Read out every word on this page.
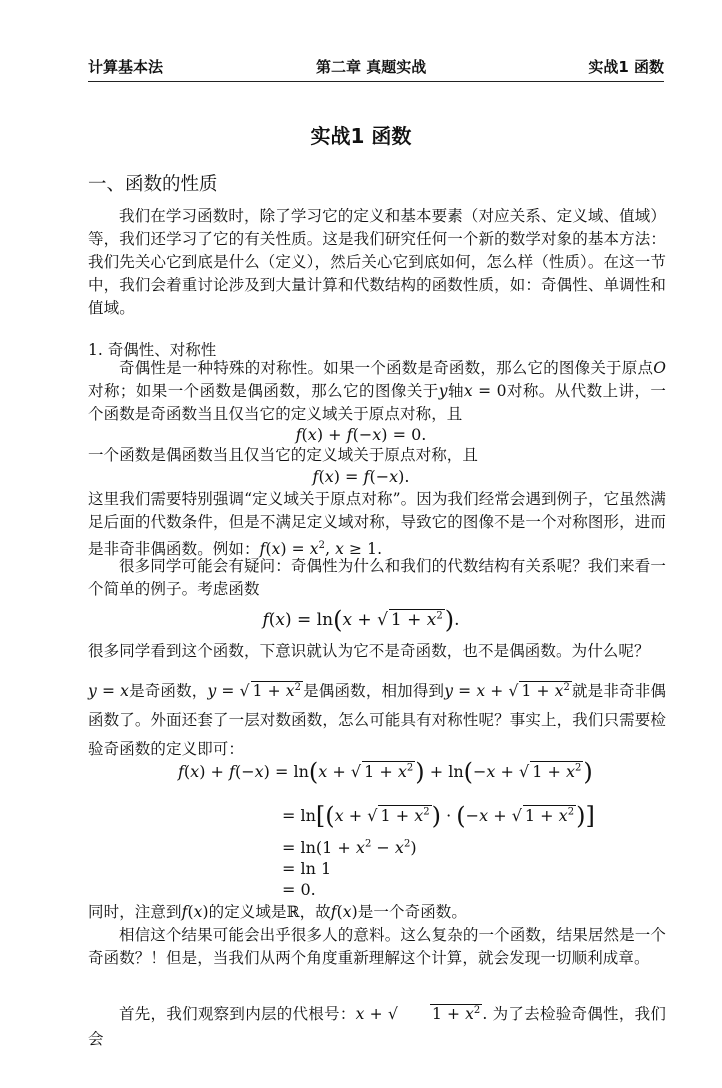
计算基本法	第二章 真题实战	实战1 函数
实战1 函数
一、函数的性质
我们在学习函数时，除了学习它的定义和基本要素（对应关系、定义域、值域）等，我们还学习了它的有关性质。这是我们研究任何一个新的数学对象的基本方法：我们先关心它到底是什么（定义），然后关心它到底如何，怎么样（性质）。在这一节中，我们会着重讨论涉及到大量计算和代数结构的函数性质，如：奇偶性、单调性和值域。
1. 奇偶性、对称性
奇偶性是一种特殊的对称性。如果一个函数是奇函数，那么它的图像关于原点O对称；如果一个函数是偶函数，那么它的图像关于y轴x = 0对称。从代数上讲，一个函数是奇函数当且仅当它的定义域关于原点对称，且
f(x) + f(−x) = 0.
一个函数是偶函数当且仅当它的定义域关于原点对称，且
f(x) = f(−x).
这里我们需要特别强调“定义域关于原点对称”。因为我们经常会遇到例子，它虽然满足后面的代数条件，但是不满足定义域对称，导致它的图像不是一个对称图形，进而是非奇非偶函数。例如：$f(x) = x^2$, x ≥ 1.
很多同学可能会有疑问：奇偶性为什么和我们的代数结构有关系呢？我们来看一个简单的例子。考虑函数
f(x) = ln(x + √ $1 + x^2$).
很多同学看到这个函数，下意识就认为它不是奇函数，也不是偶函数。为什么呢？
y = x是奇函数，y = √ $1 + x^2$ 是偶函数，相加得到y = x + √ $1 + x^2$ 就是非奇非偶函数了。外面还套了一层对数函数，怎么可能具有对称性呢？事实上，我们只需要检验奇函数的定义即可：
f(x) + f(−x) = ln(x + √ $1 + x^2) + \ln(-x$ + √ $1 + x^2$)
= ln[(x + √ $1 + x^2) \cdot (-x$ + √ $1 + x^2$)]
= $\ln(1 + x^2 - x^2)$
= ln 1
= 0.
同时，注意到f(x)的定义域是ℝ，故f(x)是一个奇函数。
相信这个结果可能会出乎很多人的意料。这么复杂的一个函数，结果居然是一个奇函数？！但是，当我们从两个角度重新理解这个计算，就会发现一切顺利成章。
首先，我们观察到内层的代根号：x + √ $1 + x^2$ . 为了去检验奇偶性，我们会
